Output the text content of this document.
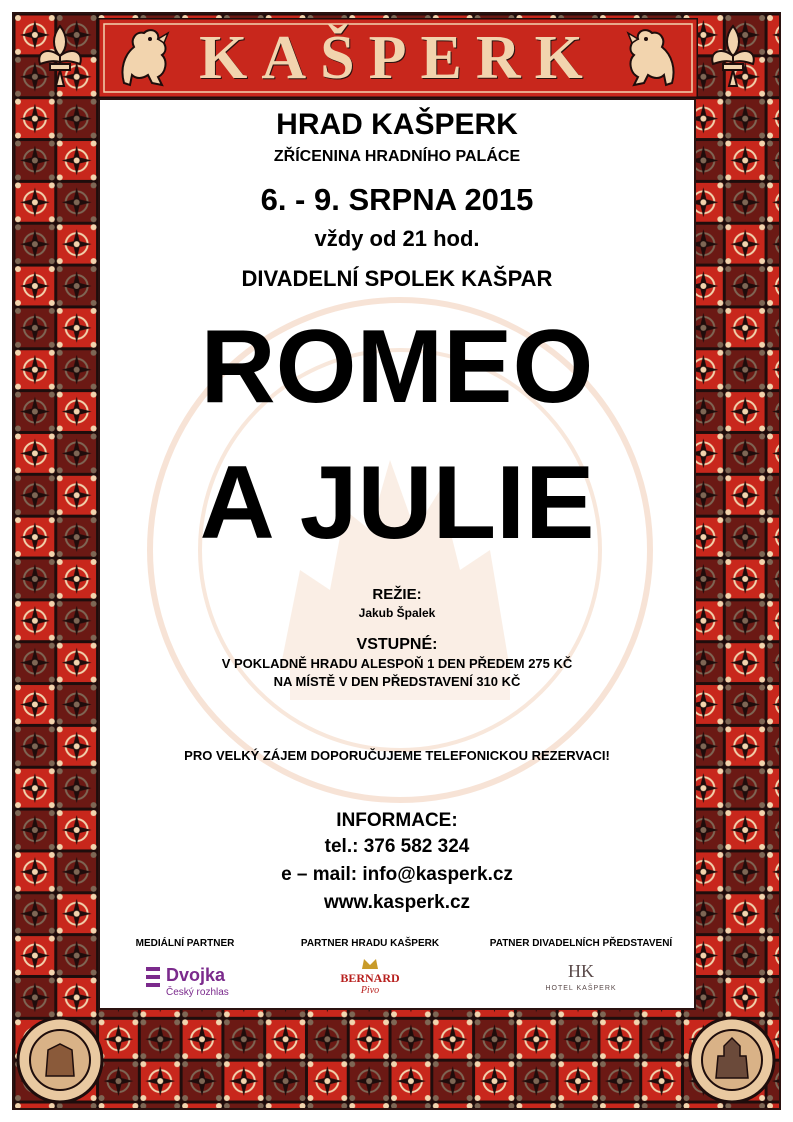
KAŠPERK
HRAD KAŠPERK
ZŘÍCENINA HRADNÍHO PALÁCE
6. - 9. SRPNA 2015
vždy od 21 hod.
DIVADELNÍ SPOLEK KAŠPAR
ROMEO
A JULIE
REŽIE:
Jakub Špalek
VSTUPNÉ:
V POKLADNĚ HRADU ALESPOŇ 1 DEN PŘEDEM 275 KČ
NA MÍSTĚ V DEN PŘEDSTAVENÍ 310 KČ
PRO VELKÝ ZÁJEM DOPORUČUJEME TELEFONICKOU REZERVACI!
INFORMACE:
tel.: 376 582 324
e – mail: info@kasperk.cz
www.kasperk.cz
MEDIÁLNÍ PARTNER
Dvojka
Český rozhlas
PARTNER HRADU KAŠPERK
BERNARD
Pivo
PATNER DIVADELNÍCH PŘEDSTAVENÍ
HK
HOTEL KAŠPERK
